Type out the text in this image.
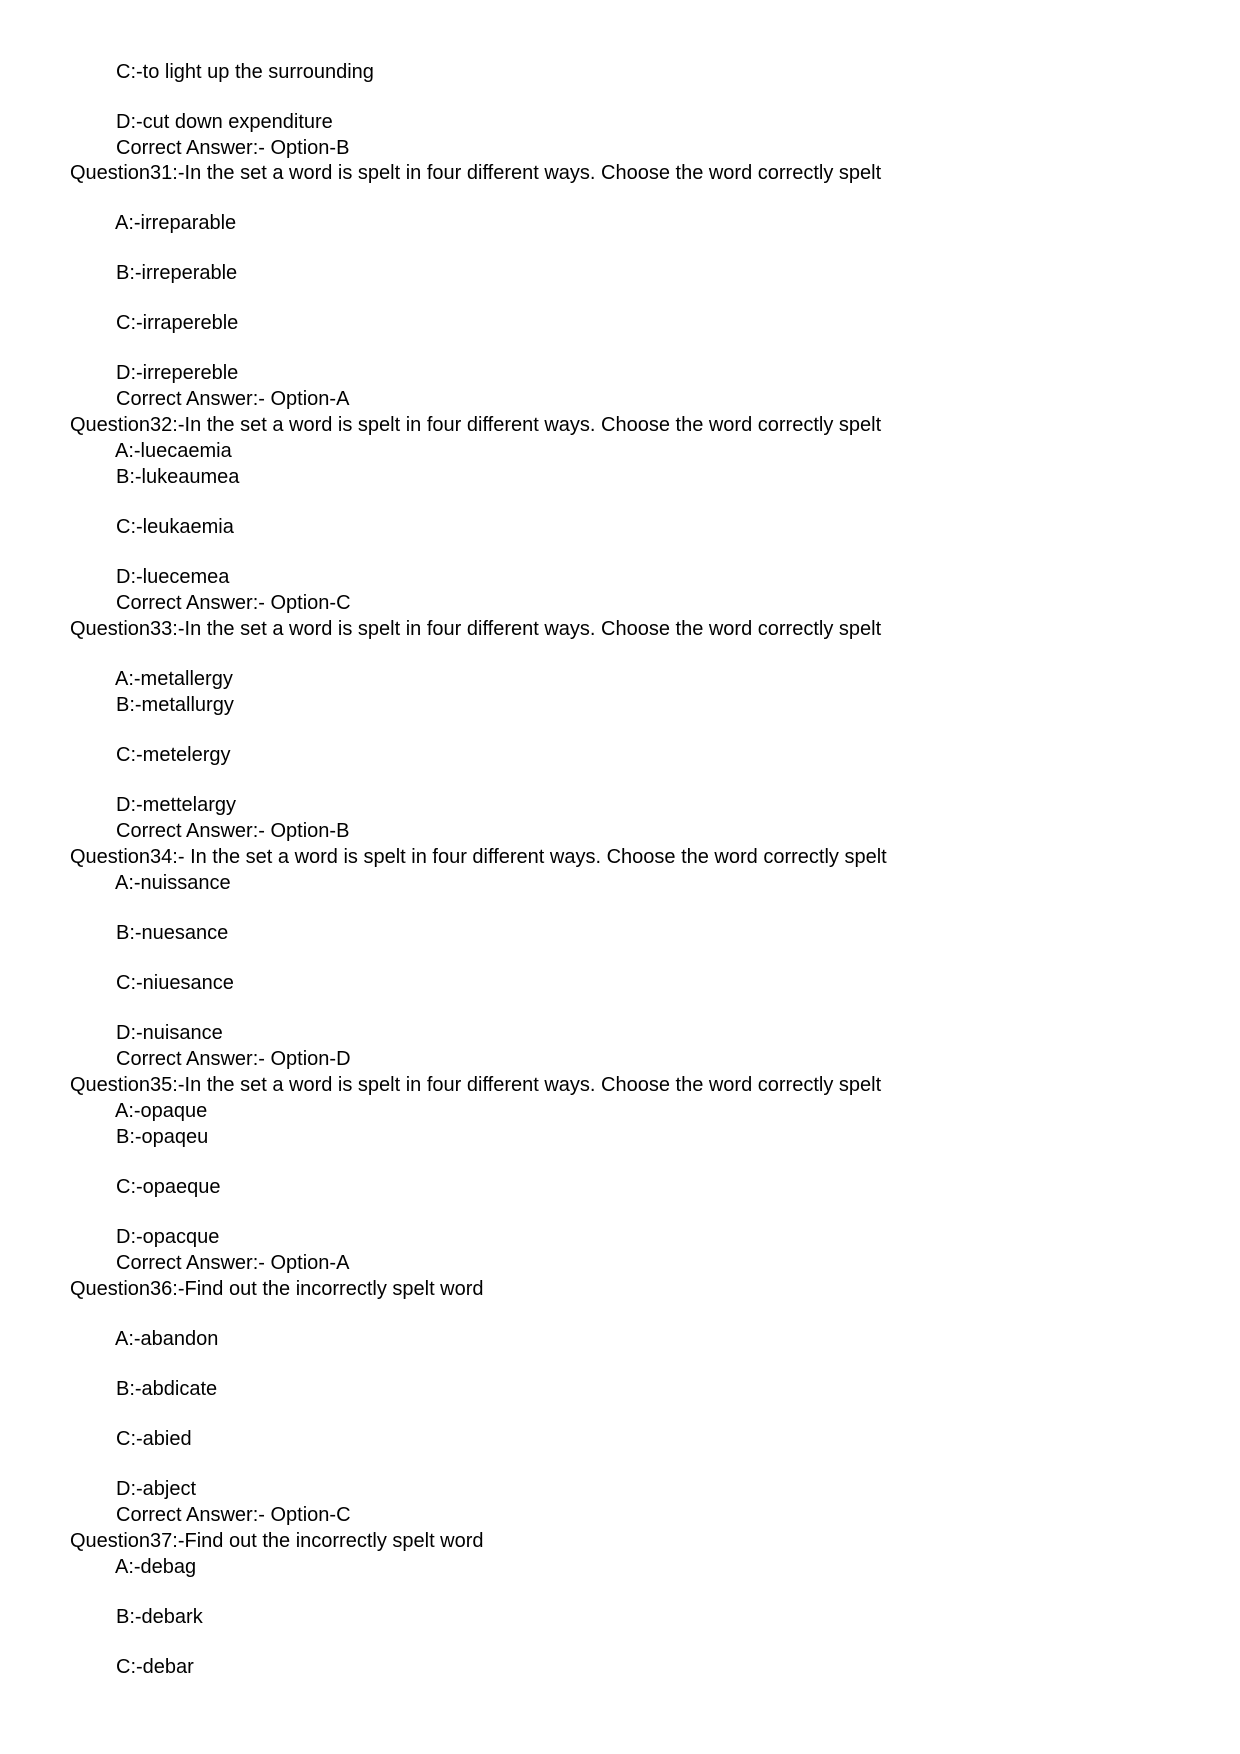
C:-to light up the surrounding
D:-cut down expenditure
Correct Answer:- Option-B
Question31:-In the set a word is spelt in four different ways. Choose the word correctly spelt
A:-irreparable
B:-irreperable
C:-irrapereble
D:-irrepereble
Correct Answer:- Option-A
Question32:-In the set a word is spelt in four different ways. Choose the word correctly spelt
A:-luecaemia
B:-lukeaumea
C:-leukaemia
D:-luecemea
Correct Answer:- Option-C
Question33:-In the set a word is spelt in four different ways. Choose the word correctly spelt
A:-metallergy
B:-metallurgy
C:-metelergy
D:-mettelargy
Correct Answer:- Option-B
Question34:- In the set a word is spelt in four different ways. Choose the word correctly spelt
A:-nuissance
B:-nuesance
C:-niuesance
D:-nuisance
Correct Answer:- Option-D
Question35:-In the set a word is spelt in four different ways. Choose the word correctly spelt
A:-opaque
B:-opaqeu
C:-opaeque
D:-opacque
Correct Answer:- Option-A
Question36:-Find out the incorrectly spelt word
A:-abandon
B:-abdicate
C:-abied
D:-abject
Correct Answer:- Option-C
Question37:-Find out the incorrectly spelt word
A:-debag
B:-debark
C:-debar
